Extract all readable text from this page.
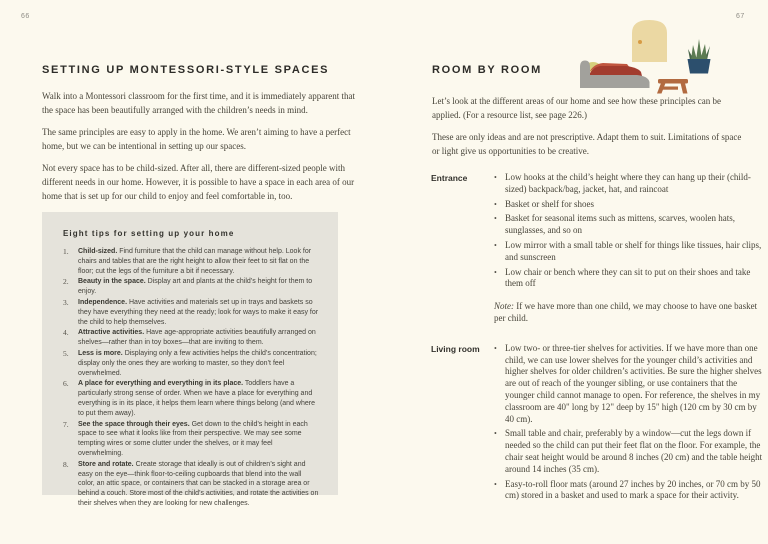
66
SETTING UP MONTESSORI-STYLE SPACES

Walk into a Montessori classroom for the first time, and it is immediately apparent that the space has been beautifully arranged with the children’s needs in mind.

The same principles are easy to apply in the home. We aren’t aiming to have a perfect home, but we can be intentional in setting up our spaces.

Not every space has to be child-sized. After all, there are different-sized people with different needs in our home. However, it is possible to have a space in each area of our home that is set up for our child to enjoy and feel comfortable in, too.

Eight tips for setting up your home
1.	Child-sized. Find furniture that the child can manage without help. Look for chairs and tables that are the right height to allow their feet to sit flat on the floor; cut the legs of the furniture a bit if necessary.
2.	Beauty in the space. Display art and plants at the child’s height for them to enjoy.
3.	Independence. Have activities and materials set up in trays and baskets so they have everything they need at the ready; look for ways to make it easy for the child to help themselves.
4.	Attractive activities. Have age-appropriate activities beautifully arranged on shelves—rather than in toy boxes—that are inviting to them.
5.	Less is more. Displaying only a few activities helps the child’s concentration; display only the ones they are working to master, so they don’t feel overwhelmed.
6.	A place for everything and everything in its place. Toddlers have a particularly strong sense of order. When we have a place for everything and everything is in its place, it helps them learn where things belong (and where to put them away).
7.	See the space through their eyes. Get down to the child’s height in each space to see what it looks like from their perspective. We may see some tempting wires or some clutter under the shelves, or it may feel overwhelming.
8.	Store and rotate. Create storage that ideally is out of children’s sight and easy on the eye—think floor-to-ceiling cupboards that blend into the wall color, an attic space, or containers that can be stacked in a storage area or behind a couch. Store most of the child’s activities, and rotate the activities on their shelves when they are looking for new challenges.
67
ROOM BY ROOM

Let’s look at the different areas of our home and see how these principles can be applied. (For a resource list, see page 226.)

These are only ideas and are not prescriptive. Adapt them to suit. Limitations of space or light give us opportunities to be creative.

Entrance	• Low hooks at the child’s height where they can hang up their (child-sized) backpack/bag, jacket, hat, and raincoat
• Basket or shelf for shoes
• Basket for seasonal items such as mittens, scarves, woolen hats, sunglasses, and so on
• Low mirror with a small table or shelf for things like tissues, hair clips, and sunscreen
• Low chair or bench where they can sit to put on their shoes and take them off

Note: If we have more than one child, we may choose to have one basket per child.

Living room	• Low two- or three-tier shelves for activities. If we have more than one child, we can use lower shelves for the younger child’s activities and higher shelves for older children’s activities. Be sure the higher shelves are out of reach of the younger sibling, or use containers that the younger child cannot manage to open. For reference, the shelves in my classroom are 40" long by 12" deep by 15" high (120 cm by 30 cm by 40 cm).
• Small table and chair, preferably by a window—cut the legs down if needed so the child can put their feet flat on the floor. For example, the chair seat height would be around 8 inches (20 cm) and the table height around 14 inches (35 cm).
• Easy-to-roll floor mats (around 27 inches by 20 inches, or 70 cm by 50 cm) stored in a basket and used to mark a space for their activity.
